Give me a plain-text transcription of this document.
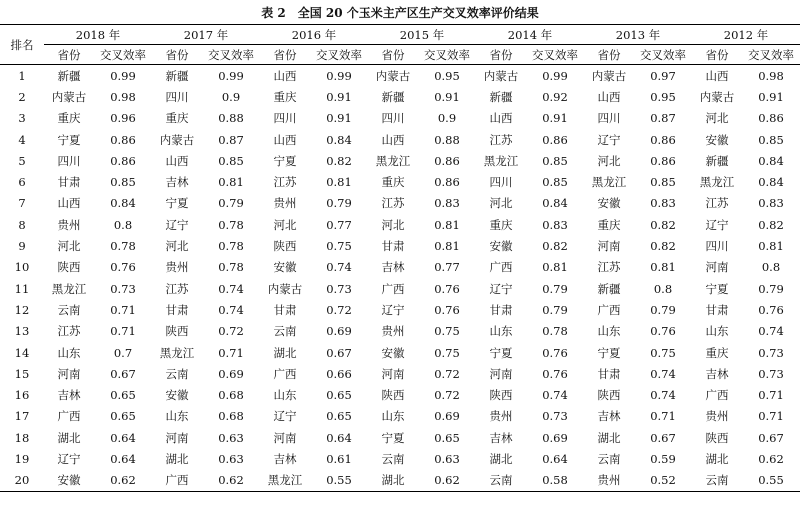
表 2　全国 20 个玉米主产区生产交叉效率评价结果
排名	2018 年		2017 年		2016 年		2015 年		2014 年		2013 年		2012 年	
	省份	交叉效率	省份	交叉效率	省份	交叉效率	省份	交叉效率	省份	交叉效率	省份	交叉效率	省份	交叉效率
1	新疆	0.99	新疆	0.99	山西	0.99	内蒙古	0.95	内蒙古	0.99	内蒙古	0.97	山西	0.98
2	内蒙古	0.98	四川	0.9	重庆	0.91	新疆	0.91	新疆	0.92	山西	0.95	内蒙古	0.91
3	重庆	0.96	重庆	0.88	四川	0.91	四川	0.9	山西	0.91	四川	0.87	河北	0.86
4	宁夏	0.86	内蒙古	0.87	山西	0.84	山西	0.88	江苏	0.86	辽宁	0.86	安徽	0.85
5	四川	0.86	山西	0.85	宁夏	0.82	黑龙江	0.86	黑龙江	0.85	河北	0.86	新疆	0.84
6	甘肃	0.85	吉林	0.81	江苏	0.81	重庆	0.86	四川	0.85	黑龙江	0.85	黑龙江	0.84
7	山西	0.84	宁夏	0.79	贵州	0.79	江苏	0.83	河北	0.84	安徽	0.83	江苏	0.83
8	贵州	0.8	辽宁	0.78	河北	0.77	河北	0.81	重庆	0.83	重庆	0.82	辽宁	0.82
9	河北	0.78	河北	0.78	陕西	0.75	甘肃	0.81	安徽	0.82	河南	0.82	四川	0.81
10	陕西	0.76	贵州	0.78	安徽	0.74	吉林	0.77	广西	0.81	江苏	0.81	河南	0.8
11	黑龙江	0.73	江苏	0.74	内蒙古	0.73	广西	0.76	辽宁	0.79	新疆	0.8	宁夏	0.79
12	云南	0.71	甘肃	0.74	甘肃	0.72	辽宁	0.76	甘肃	0.79	广西	0.79	甘肃	0.76
13	江苏	0.71	陕西	0.72	云南	0.69	贵州	0.75	山东	0.78	山东	0.76	山东	0.74
14	山东	0.7	黑龙江	0.71	湖北	0.67	安徽	0.75	宁夏	0.76	宁夏	0.75	重庆	0.73
15	河南	0.67	云南	0.69	广西	0.66	河南	0.72	河南	0.76	甘肃	0.74	吉林	0.73
16	吉林	0.65	安徽	0.68	山东	0.65	陕西	0.72	陕西	0.74	陕西	0.74	广西	0.71
17	广西	0.65	山东	0.68	辽宁	0.65	山东	0.69	贵州	0.73	吉林	0.71	贵州	0.71
18	湖北	0.64	河南	0.63	河南	0.64	宁夏	0.65	吉林	0.69	湖北	0.67	陕西	0.67
19	辽宁	0.64	湖北	0.63	吉林	0.61	云南	0.63	湖北	0.64	云南	0.59	湖北	0.62
20	安徽	0.62	广西	0.62	黑龙江	0.55	湖北	0.62	云南	0.58	贵州	0.52	云南	0.55
